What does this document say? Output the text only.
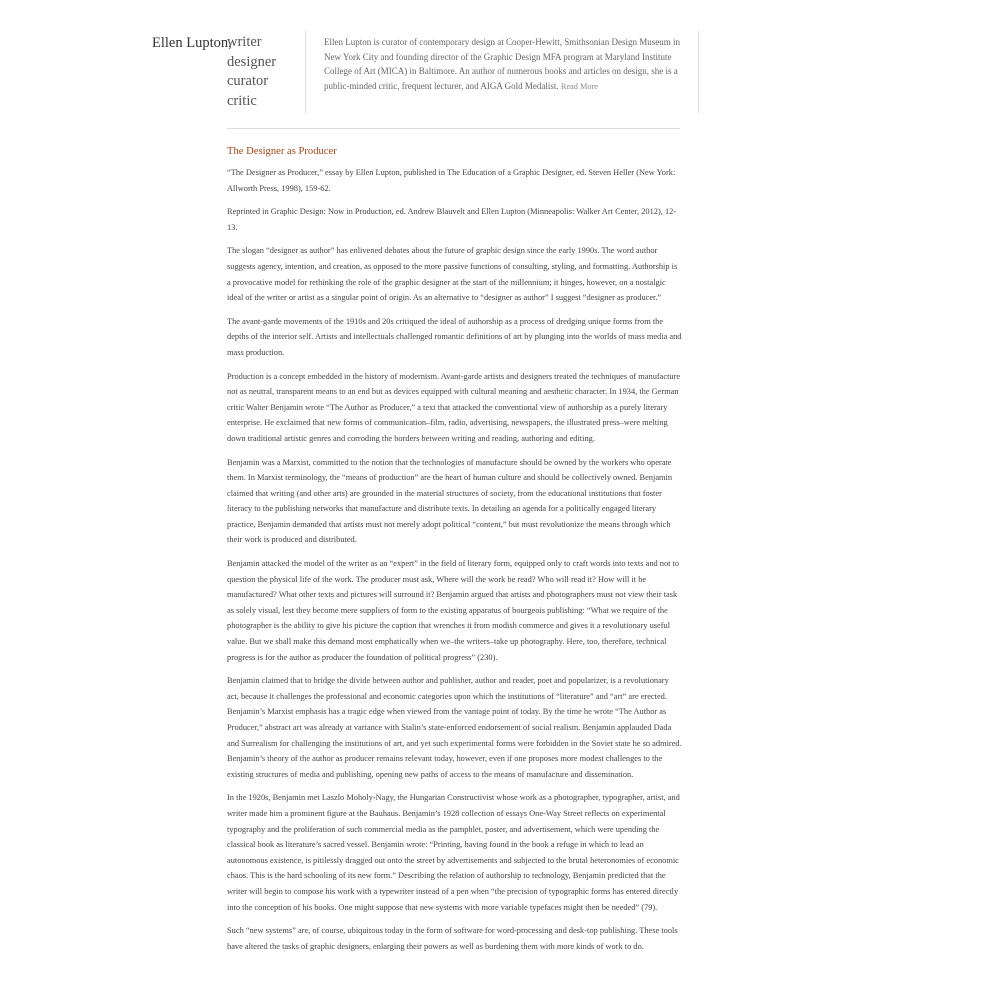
Ellen Lupton,
writer
designer
curator
critic
Ellen Lupton is curator of contemporary design at Cooper-Hewitt, Smithsonian Design Museum in New York City and founding director of the Graphic Design MFA program at Maryland Institute College of Art (MICA) in Baltimore. An author of numerous books and articles on design, she is a public-minded critic, frequent lecturer, and AIGA Gold Medalist. Read More
The Designer as Producer

“The Designer as Producer,” essay by Ellen Lupton, published in The Education of a Graphic Designer, ed. Steven Heller (New York: Allworth Press, 1998), 159-62.

Reprinted in Graphic Design: Now in Production, ed. Andrew Blauvelt and Ellen Lupton (Minneapolis: Walker Art Center, 2012), 12-13.

The slogan “designer as author” has enlivened debates about the future of graphic design since the early 1990s. The word author suggests agency, intention, and creation, as opposed to the more passive functions of consulting, styling, and formatting. Authorship is a provocative model for rethinking the role of the graphic designer at the start of the millennium; it hinges, however, on a nostalgic ideal of the writer or artist as a singular point of origin. As an alternative to “designer as author” I suggest “designer as producer.”

The avant-garde movements of the 1910s and 20s critiqued the ideal of authorship as a process of dredging unique forms from the depths of the interior self. Artists and intellectuals challenged romantic definitions of art by plunging into the worlds of mass media and mass production.

Production is a concept embedded in the history of modernism. Avant-garde artists and designers treated the techniques of manufacture not as neutral, transparent means to an end but as devices equipped with cultural meaning and aesthetic character. In 1934, the German critic Walter Benjamin wrote “The Author as Producer,” a text that attacked the conventional view of authorship as a purely literary enterprise. He exclaimed that new forms of communication–film, radio, advertising, newspapers, the illustrated press–were melting down traditional artistic genres and corroding the borders between writing and reading, authoring and editing.

Benjamin was a Marxist, committed to the notion that the technologies of manufacture should be owned by the workers who operate them. In Marxist terminology, the “means of production” are the heart of human culture and should be collectively owned. Benjamin claimed that writing (and other arts) are grounded in the material structures of society, from the educational institutions that foster literacy to the publishing networks that manufacture and distribute texts. In detailing an agenda for a politically engaged literary practice, Benjamin demanded that artists must not merely adopt political “content,” but must revolutionize the means through which their work is produced and distributed.

Benjamin attacked the model of the writer as an “expert” in the field of literary form, equipped only to craft words into texts and not to question the physical life of the work. The producer must ask, Where will the work be read? Who will read it? How will it be manufactured? What other texts and pictures will surround it? Benjamin argued that artists and photographers must not view their task as solely visual, lest they become mere suppliers of form to the existing apparatus of bourgeois publishing: “What we require of the photographer is the ability to give his picture the caption that wrenches it from modish commerce and gives it a revolutionary useful value. But we shall make this demand most emphatically when we–the writers–take up photography. Here, too, therefore, technical progress is for the author as producer the foundation of political progress” (230).

Benjamin claimed that to bridge the divide between author and publisher, author and reader, poet and popularizer, is a revolutionary act, because it challenges the professional and economic categories upon which the institutions of “literature” and “art” are erected. Benjamin’s Marxist emphasis has a tragic edge when viewed from the vantage point of today. By the time he wrote “The Author as Producer,” abstract art was already at variance with Stalin’s state-enforced endorsement of social realism. Benjamin applauded Dada and Surrealism for challenging the institutions of art, and yet such experimental forms were forbidden in the Soviet state he so admired. Benjamin’s theory of the author as producer remains relevant today, however, even if one proposes more modest challenges to the existing structures of media and publishing, opening new paths of access to the means of manufacture and dissemination.

In the 1920s, Benjamin met Laszlo Moholy-Nagy, the Hungarian Constructivist whose work as a photographer, typographer, artist, and writer made him a prominent figure at the Bauhaus. Benjamin’s 1928 collection of essays One-Way Street reflects on experimental typography and the proliferation of such commercial media as the pamphlet, poster, and advertisement, which were upending the classical book as literature’s sacred vessel. Benjamin wrote: “Printing, having found in the book a refuge in which to lead an autonomous existence, is pitilessly dragged out onto the street by advertisements and subjected to the brutal heteronomies of economic chaos. This is the hard schooling of its new form.” Describing the relation of authorship to technology, Benjamin predicted that the writer will begin to compose his work with a typewriter instead of a pen when “the precision of typographic forms has entered directly into the conception of his books. One might suppose that new systems with more variable typefaces might then be needed” (79).

Such “new systems” are, of course, ubiquitous today in the form of software for word-processing and desk-top publishing. These tools have altered the tasks of graphic designers, enlarging their powers as well as burdening them with more kinds of work to do.
